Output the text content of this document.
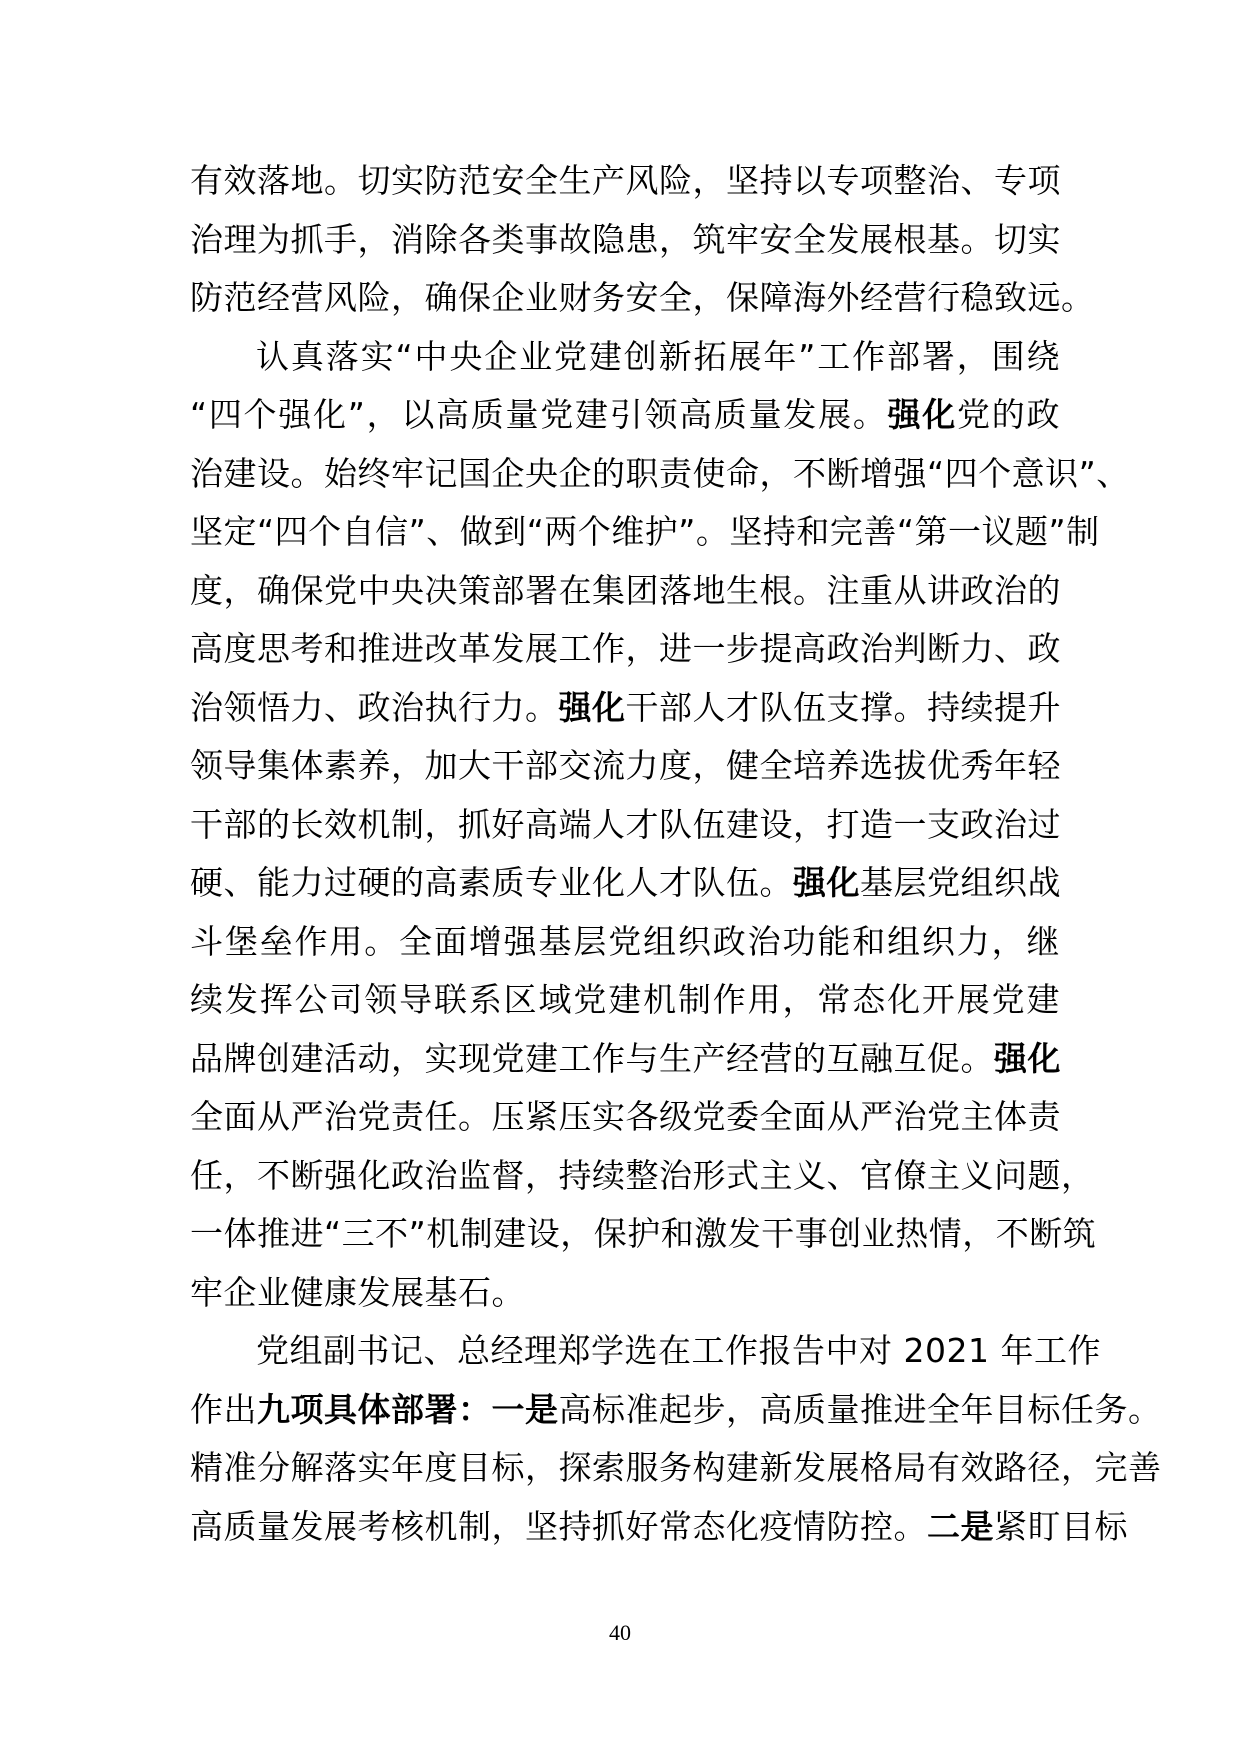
有效落地。切实防范安全生产风险，坚持以专项整治、专项
治理为抓手，消除各类事故隐患，筑牢安全发展根基。切实
防范经营风险，确保企业财务安全，保障海外经营行稳致远。
认真落实“中央企业党建创新拓展年”工作部署，围绕
“四个强化”，以高质量党建引领高质量发展。强化党的政
治建设。始终牢记国企央企的职责使命，不断增强“四个意识”、
坚定“四个自信”、做到“两个维护”。坚持和完善“第一议题”制
度，确保党中央决策部署在集团落地生根。注重从讲政治的
高度思考和推进改革发展工作，进一步提高政治判断力、政
治领悟力、政治执行力。强化干部人才队伍支撑。持续提升
领导集体素养，加大干部交流力度，健全培养选拔优秀年轻
干部的长效机制，抓好高端人才队伍建设，打造一支政治过
硬、能力过硬的高素质专业化人才队伍。强化基层党组织战
斗堡垒作用。全面增强基层党组织政治功能和组织力，继
续发挥公司领导联系区域党建机制作用，常态化开展党建
品牌创建活动，实现党建工作与生产经营的互融互促。强化
全面从严治党责任。压紧压实各级党委全面从严治党主体责
任，不断强化政治监督，持续整治形式主义、官僚主义问题，
一体推进“三不”机制建设，保护和激发干事创业热情，不断筑
牢企业健康发展基石。
党组副书记、总经理郑学选在工作报告中对 2021 年工作
作出九项具体部署：一是高标准起步，高质量推进全年目标任务。
精准分解落实年度目标，探索服务构建新发展格局有效路径，完善
高质量发展考核机制，坚持抓好常态化疫情防控。二是紧盯目标
40
